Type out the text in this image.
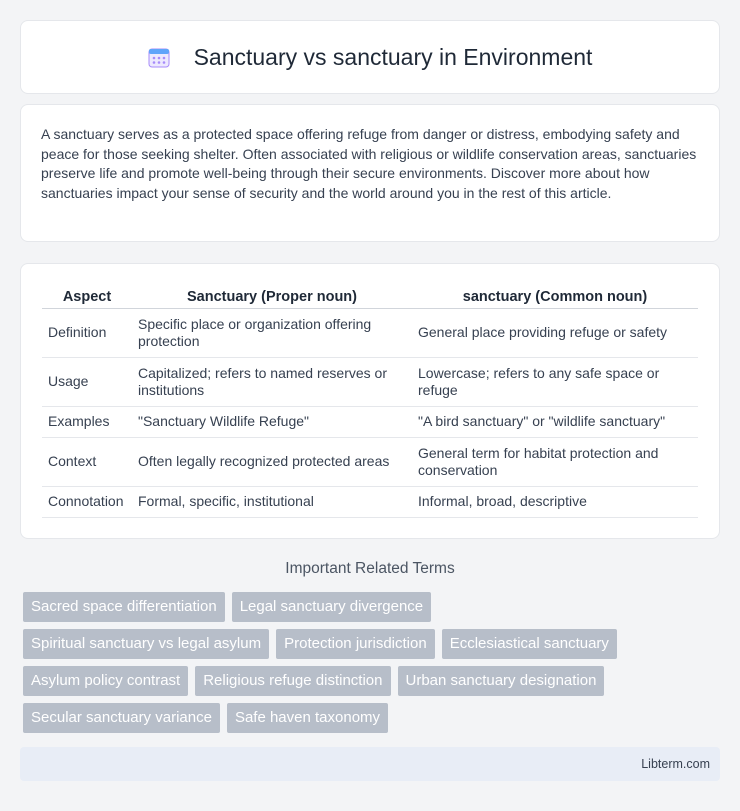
Sanctuary vs sanctuary in Environment

A sanctuary serves as a protected space offering refuge from danger or distress, embodying safety and peace for those seeking shelter. Often associated with religious or wildlife conservation areas, sanctuaries preserve life and promote well-being through their secure environments. Discover more about how sanctuaries impact your sense of security and the world around you in the rest of this article.

Aspect	Sanctuary (Proper noun)	sanctuary (Common noun)
Definition	Specific place or organization offering protection	General place providing refuge or safety
Usage	Capitalized; refers to named reserves or institutions	Lowercase; refers to any safe space or refuge
Examples	"Sanctuary Wildlife Refuge"	"A bird sanctuary" or "wildlife sanctuary"
Context	Often legally recognized protected areas	General term for habitat protection and conservation
Connotation	Formal, specific, institutional	Informal, broad, descriptive
Important Related Terms
Sacred space differentiation	Legal sanctuary divergence
Spiritual sanctuary vs legal asylum	Protection jurisdiction	Ecclesiastical sanctuary
Asylum policy contrast	Religious refuge distinction	Urban sanctuary designation
Secular sanctuary variance	Safe haven taxonomy
Libterm.com
